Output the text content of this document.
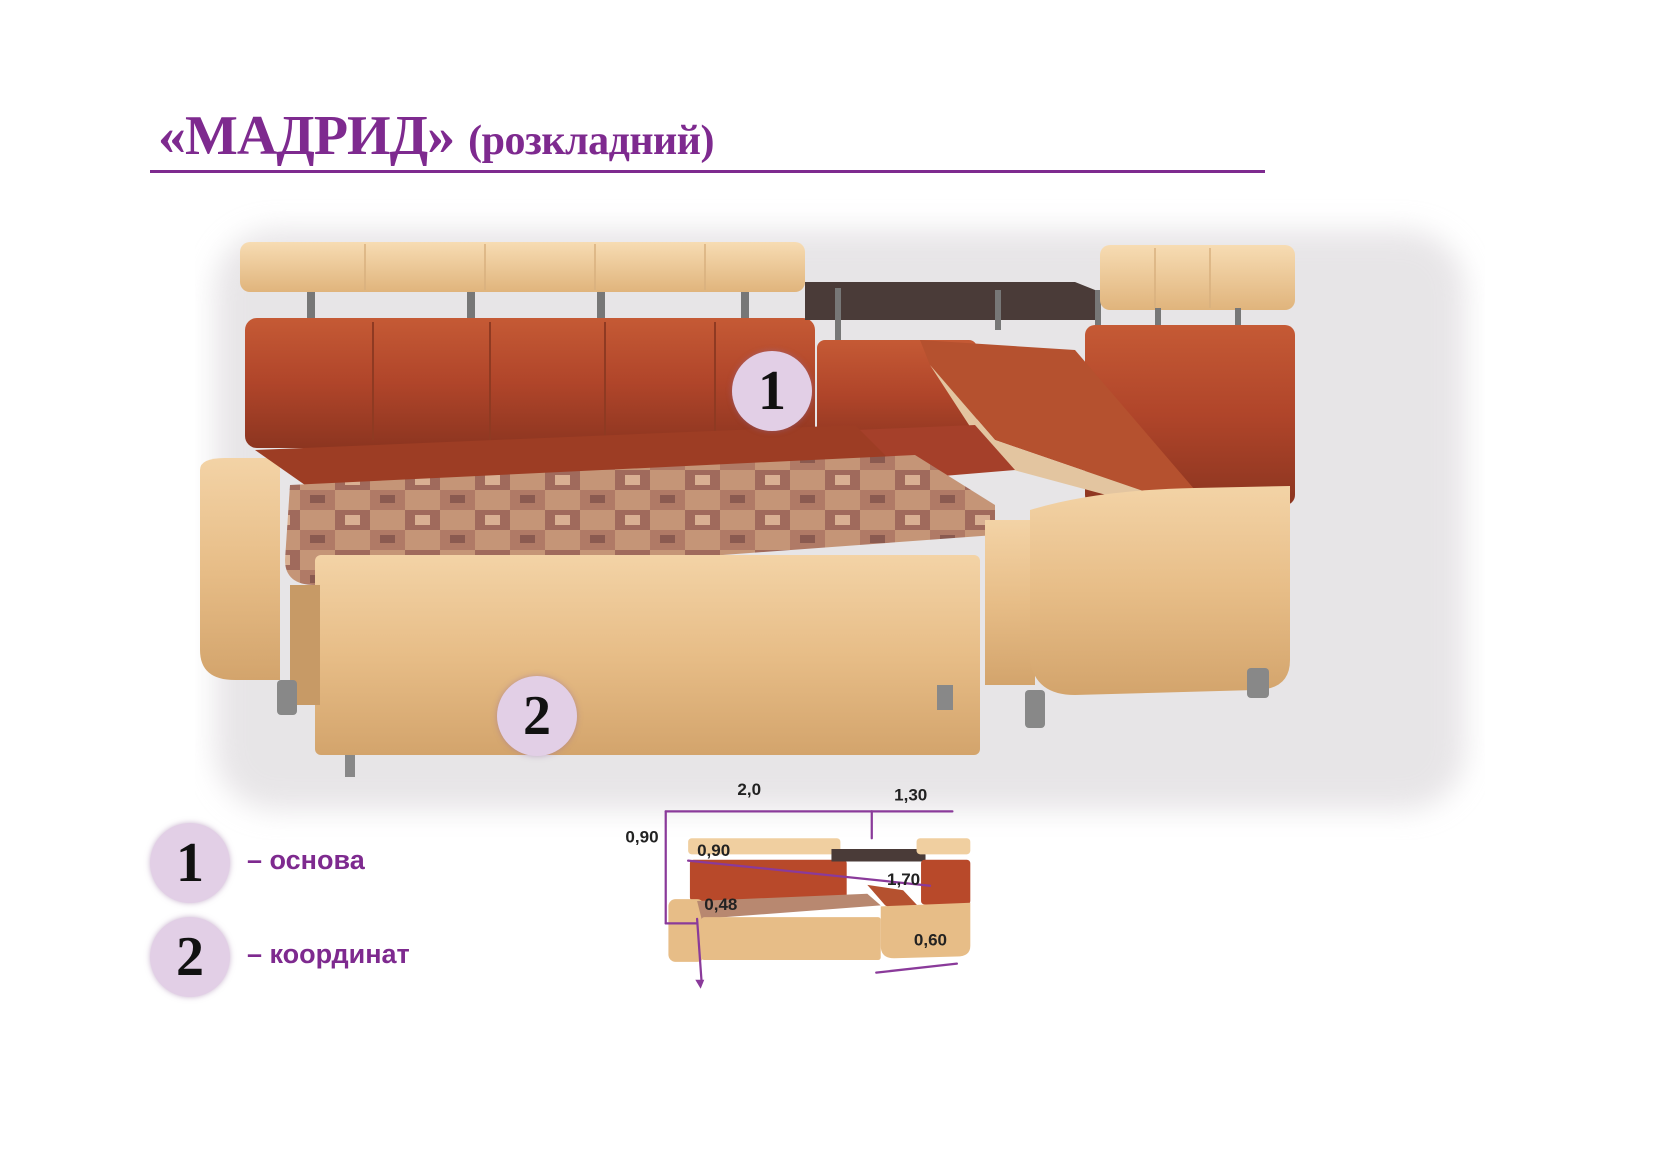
«МАДРИД» (розкладний)
1
2
1	– основа
2	– координат
2,0	1,30
0,90
0,90
1,70
0,48
0,60
